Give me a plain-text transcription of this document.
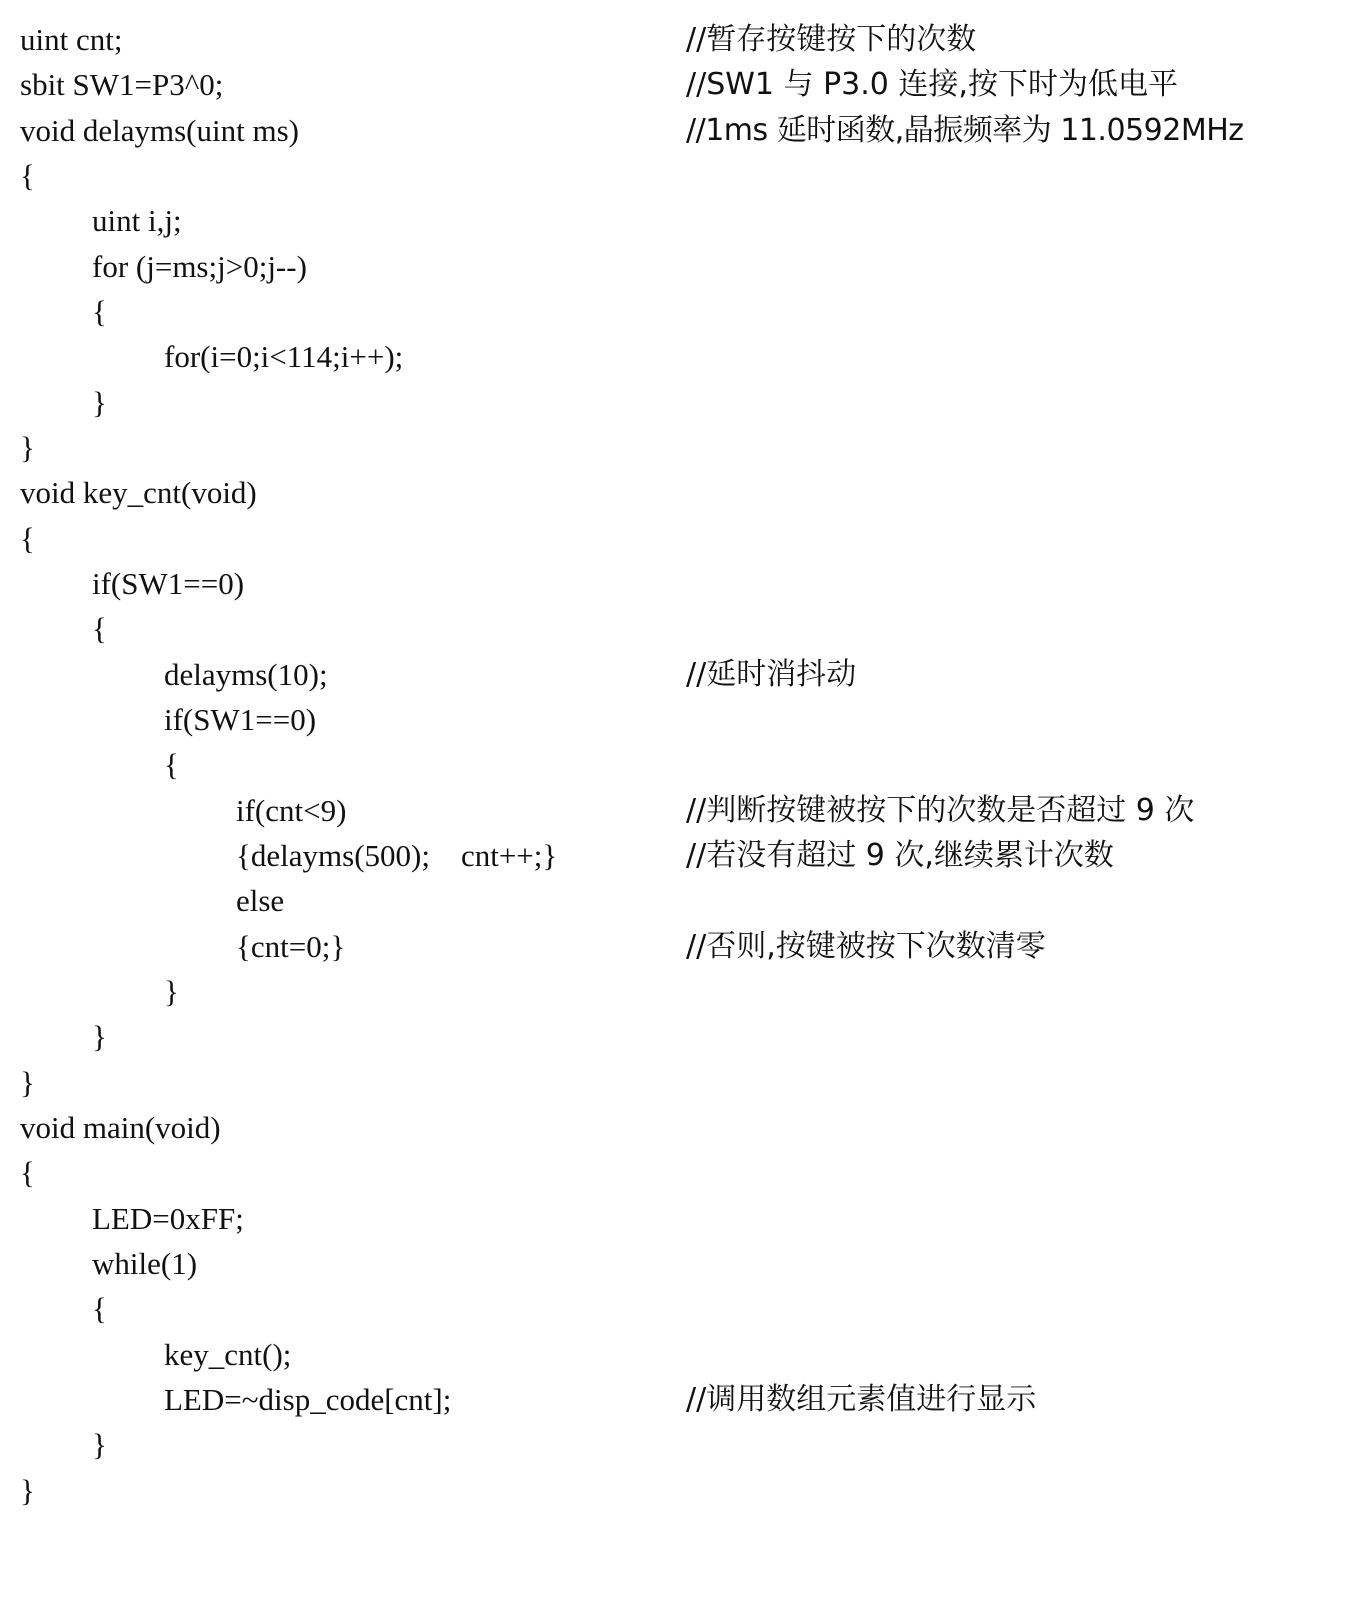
uint cnt;

	//暂存按键按下的次数

sbit SW1=P3^0;

	//SW1 与 P3.0 连接,按下时为低电平

void delayms(uint ms)

	//1ms 延时函数,晶振频率为 11.0592MHz

{

uint i,j;

for (j=ms;j>0;j--)

{

for(i=0;i<114;i++);

}

}

void key_cnt(void)

{

if(SW1==0)

{

delayms(10);

	//延时消抖动

if(SW1==0)

{

if(cnt<9)

	//判断按键被按下的次数是否超过 9 次

{delayms(500);    cnt++;}

	//若没有超过 9 次,继续累计次数

else

{cnt=0;}

	//否则,按键被按下次数清零

}

}

}

void main(void)

{

LED=0xFF;

while(1)

{

key_cnt();

LED=~disp_code[cnt];

	//调用数组元素值进行显示

}

}
